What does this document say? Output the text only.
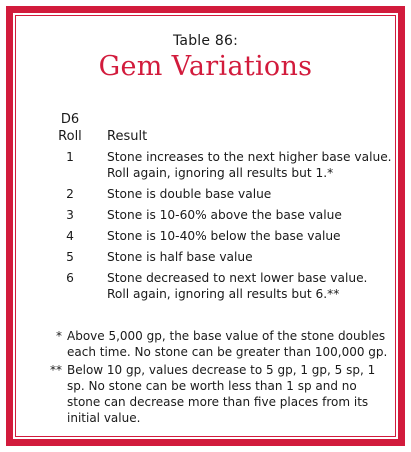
Table 86:
Gem Variations
D6
Roll	Result
1	Stone increases to the next higher base value.
Roll again, ignoring all results but 1.*
2	Stone is double base value
3	Stone is 10-60% above the base value
4	Stone is 10-40% below the base value
5	Stone is half base value
6	Stone decreased to next lower base value.
Roll again, ignoring all results but 6.**
* Above 5,000 gp, the base value of the stone doubles each time. No stone can be greater than 100,000 gp.
** Below 10 gp, values decrease to 5 gp, 1 gp, 5 sp, 1 sp. No stone can be worth less than 1 sp and no stone can decrease more than five places from its initial value.
